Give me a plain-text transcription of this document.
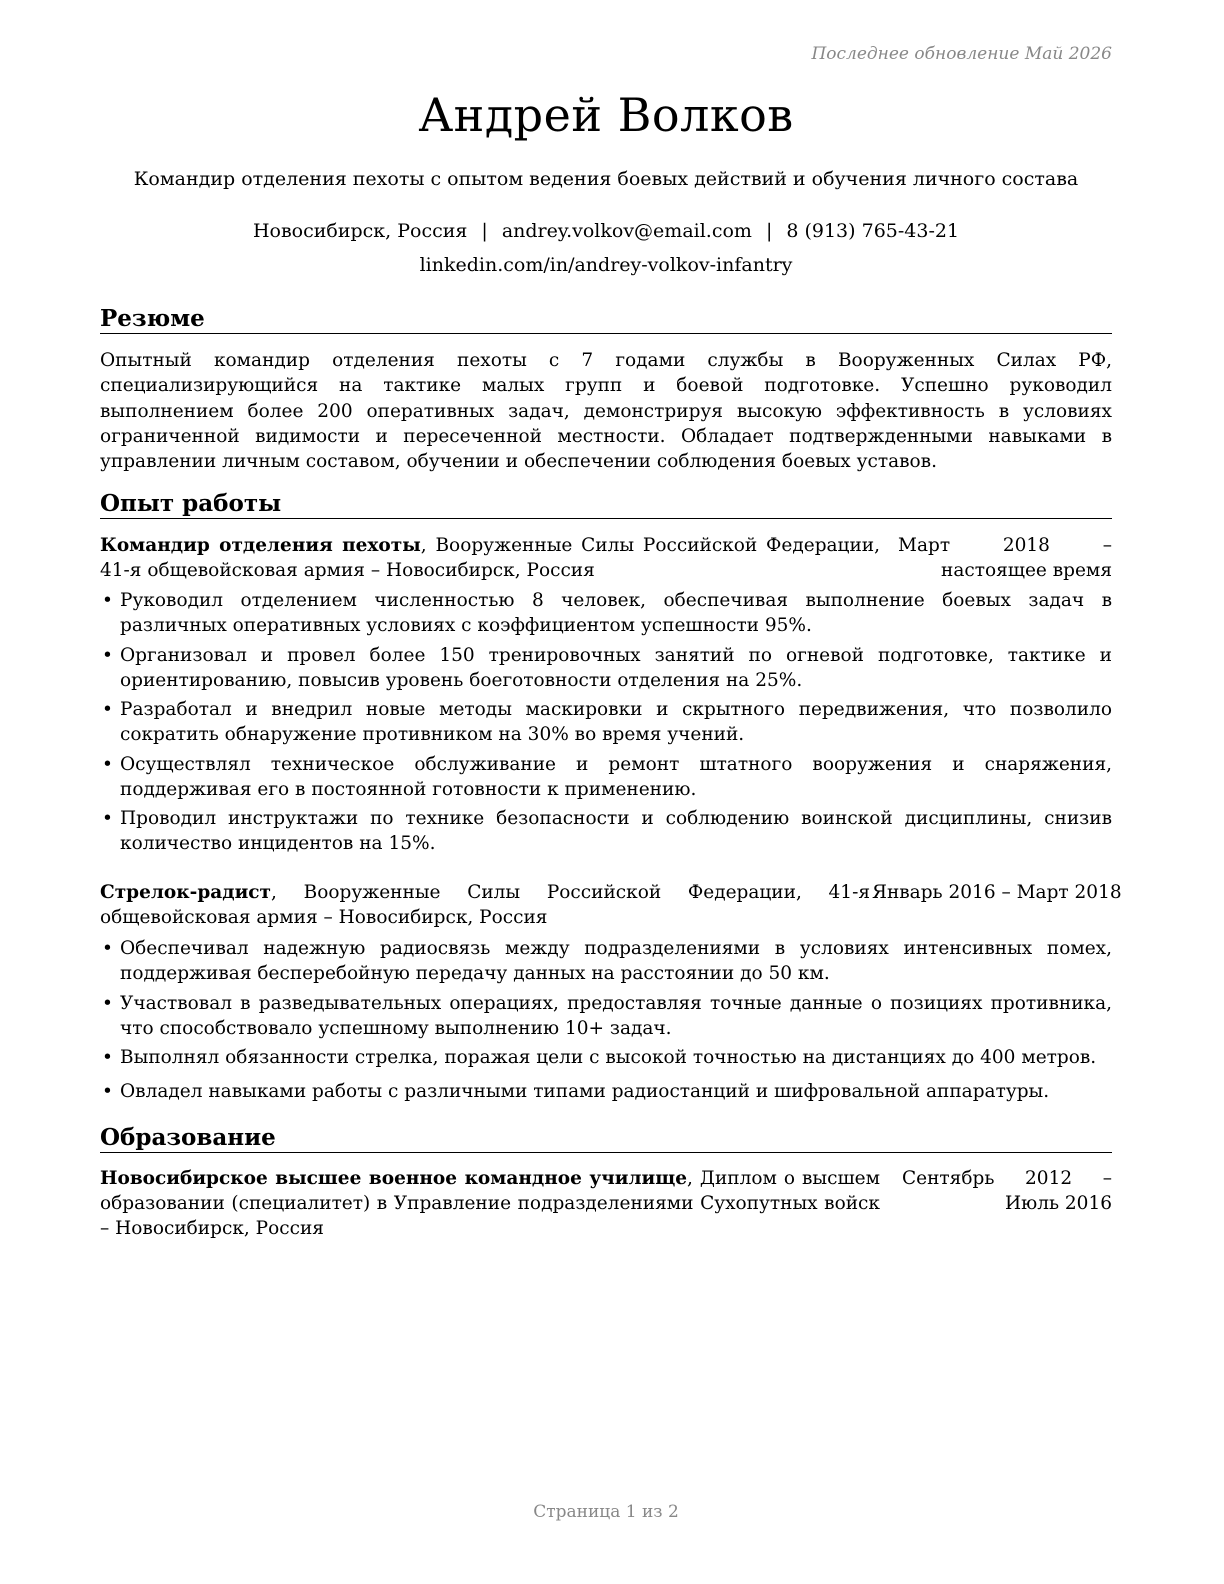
Последнее обновление Май 2026
Андрей Волков
Командир отделения пехоты с опытом ведения боевых действий и обучения личного состава
Новосибирск, Россия | andrey.volkov@email.com | 8 (913) 765-43-21
linkedin.com/in/andrey-volkov-infantry
Резюме
Опытный командир отделения пехоты с 7 годами службы в Вооруженных Силах РФ, специализирующийся на тактике малых групп и боевой подготовке. Успешно руководил выполнением более 200 оперативных задач, демонстрируя высокую эффективность в условиях ограниченной видимости и пересеченной местности. Обладает подтвержденными навыками в управлении личным составом, обучении и обеспечении соблюдения боевых уставов.
Опыт работы
Командир отделения пехоты, Вооруженные Силы Российской Федерации, 41-я общевойсковая армия – Новосибирск, Россия
Март 2018 – настоящее время
• Руководил отделением численностью 8 человек, обеспечивая выполнение боевых задач в различных оперативных условиях с коэффициентом успешности 95%.
• Организовал и провел более 150 тренировочных занятий по огневой подготовке, тактике и ориентированию, повысив уровень боеготовности отделения на 25%.
• Разработал и внедрил новые методы маскировки и скрытного передвижения, что позволило сократить обнаружение противником на 30% во время учений.
• Осуществлял техническое обслуживание и ремонт штатного вооружения и снаряжения, поддерживая его в постоянной готовности к применению.
• Проводил инструктажи по технике безопасности и соблюдению воинской дисциплины, снизив количество инцидентов на 15%.
Стрелок-радист, Вооруженные Силы Российской Федерации, 41-я общевойсковая армия – Новосибирск, Россия
Январь 2016 – Март 2018
• Обеспечивал надежную радиосвязь между подразделениями в условиях интенсивных помех, поддерживая бесперебойную передачу данных на расстоянии до 50 км.
• Участвовал в разведывательных операциях, предоставляя точные данные о позициях противника, что способствовало успешному выполнению 10+ задач.
• Выполнял обязанности стрелка, поражая цели с высокой точностью на дистанциях до 400 метров.
• Овладел навыками работы с различными типами радиостанций и шифровальной аппаратуры.
Образование
Новосибирское высшее военное командное училище, Диплом о высшем образовании (специалитет) в Управление подразделениями Сухопутных войск – Новосибирск, Россия
Сентябрь 2012 – Июль 2016
Страница 1 из 2
